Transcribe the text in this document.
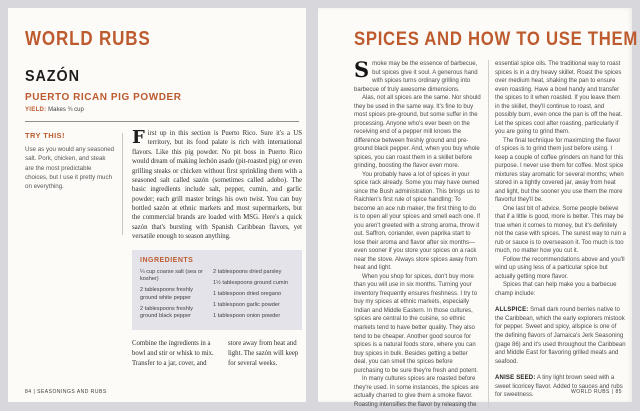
WORLD RUBS
SAZÓN
PUERTO RICAN PIG POWDER
YIELD: Makes ¾ cup
TRY THIS!

Use as you would any seasoned salt. Pork, chicken, and steak are the most predictable choices, but I use it pretty much on everything.

First up in this section is Puerto Rico. Sure it's a US territory, but its food palate is rich with international flavors. Like this pig powder. No pit boss in Puerto Rico would dream of making lechón asado (pit-roasted pig) or even grilling steaks or chicken without first sprinkling them with a seasoned salt called sazón (sometimes called adobo). The basic ingredients include salt, pepper, cumin, and garlic powder; each grill master brings his own twist. You can buy bottled sazón at ethnic markets and most supermarkets, but the commercial brands are loaded with MSG. Here's a quick sazón that's bursting with Spanish Caribbean flavors, yet versatile enough to season anything.

INGREDIENTS
¼ cup coarse salt (sea or kosher)
2 tablespoons freshly ground white pepper
2 tablespoons freshly ground black pepper
2 tablespoons dried parsley
1½ tablespoons ground cumin
1 tablespoon dried oregano
1 tablespoon garlic powder
1 tablespoon onion powder

Combine the ingredients in a bowl and stir or whisk to mix. Transfer to a jar, cover, and

store away from heat and light. The sazón will keep for several weeks.

84 | SEASONINGS AND RUBS
SPICES AND HOW TO USE THEM

Smoke may be the essence of barbecue, but spices give it soul. A generous hand with spices turns ordinary grilling into barbecue of truly awesome dimensions.

Alas, not all spices are the same. Nor should they be used in the same way. It's fine to buy most spices pre-ground, but some suffer in the processing. Anyone who's ever been on the receiving end of a pepper mill knows the difference between freshly ground and pre-ground black pepper. And, when you buy whole spices, you can roast them in a skillet before grinding, boosting the flavor even more.

You probably have a lot of spices in your spice rack already. Some you may have owned since the Bush administration. This brings us to Raichlen's first rule of spice handling: To become an ace rub maker, the first thing to do is to open all your spices and smell each one. If you aren't greeted with a strong aroma, throw it out. Saffron, coriander, even paprika start to lose their aroma and flavor after six months—even sooner if you store your spices on a rack near the stove. Always store spices away from heat and light.

When you shop for spices, don't buy more than you will use in six months. Turning your inventory frequently ensures freshness. I try to buy my spices at ethnic markets, especially Indian and Middle Eastern. In those cultures, spices are central to the cuisine, so ethnic markets tend to have better quality. They also tend to be cheaper. Another good source for spices is a natural foods store, where you can buy spices in bulk. Besides getting a better deal, you can smell the spices before purchasing to be sure they're fresh and potent.

In many cultures spices are roasted before they're used. In some instances, the spices are actually charred to give them a smoke flavor. Roasting intensifies the flavor by releasing the

essential spice oils. The traditional way to roast spices is in a dry heavy skillet. Roast the spices over medium heat, shaking the pan to ensure even roasting. Have a bowl handy and transfer the spices to it when roasted. If you leave them in the skillet, they'll continue to roast, and possibly burn, even once the pan is off the heat. Let the spices cool after roasting, particularly if you are going to grind them.

The final technique for maximizing the flavor of spices is to grind them just before using. I keep a couple of coffee grinders on hand for this purpose. I never use them for coffee. Most spice mixtures stay aromatic for several months; when stored in a tightly covered jar, away from heat and light, but the sooner you use them the more flavorful they'll be.

One last bit of advice. Some people believe that if a little is good, more is better. This may be true when it comes to money, but it's definitely not the case with spices. The surest way to ruin a rub or sauce is to overseason it. Too much is too much, no matter how you cut it.

Follow the recommendations above and you'll wind up using less of a particular spice but actually getting more flavor.

Spices that can help make you a barbecue champ include:

ALLSPICE: Small dark round berries native to the Caribbean, which the early explorers mistook for pepper. Sweet and spicy, allspice is one of the defining flavors of Jamaica's Jerk Seasoning (page 86) and it's used throughout the Caribbean and Middle East for flavoring grilled meats and seafood.

ANISE SEED: A tiny light brown seed with a sweet licoricey flavor. Added to sauces and rubs for sweetness.

WORLD RUBS | 85
